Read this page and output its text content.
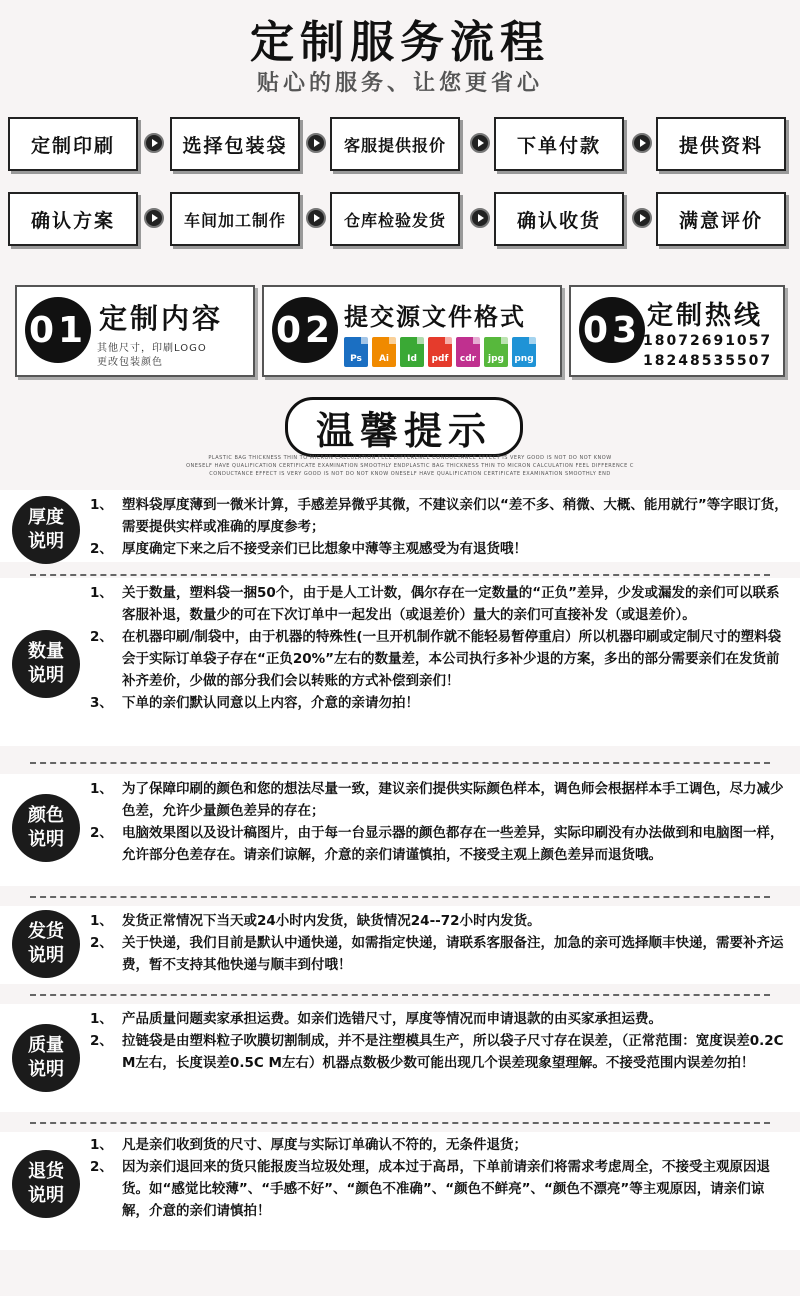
定制服务流程
贴心的服务、让您更省心
定制印刷	选择包装袋	客服提供报价	下单付款	提供资料
确认方案	车间加工制作	仓库检验发货	确认收货	满意评价
01 定制内容
其他尺寸，印刷LOGO
更改包装颜色
02 提交源文件格式
Ps	Ai	Id	pdf	cdr	jpg	png
03 定制热线
18072691057
18248535507
温馨提示
PLASTIC BAG THICKNESS THIN TO MICRON CALCULATION FEEL DIFFERENCE CONDUCTANCE EFFECT IS VERY GOOD IS NOT DO NOT KNOW
ONESELF HAVE QUALIFICATION CERTIFICATE EXAMINATION SMOOTHLY ENDPLASTIC BAG THICKNESS THIN TO MICRON CALCULATION FEEL DIFFERENCE C
CONDUCTANCE EFFECT IS VERY GOOD IS NOT DO NOT KNOW ONESELF HAVE QUALIFICATION CERTIFICATE EXAMINATION SMOOTHLY END
厚度
说明
1、 塑料袋厚度薄到一微米计算，手感差异微乎其微，不建议亲们以“差不多、稍微、大概、能用就行”等字眼订货，需要提供实样或准确的厚度参考；
2、 厚度确定下来之后不接受亲们已比想象中薄等主观感受为有退货哦！
数量
说明
1、 关于数量，塑料袋一捆50个，由于是人工计数，偶尔存在一定数量的“正负”差异，少发或漏发的亲们可以联系客服补退，数量少的可在下次订单中一起发出（或退差价）量大的亲们可直接补发（或退差价）。
2、 在机器印刷/制袋中，由于机器的特殊性(一旦开机制作就不能轻易暂停重启）所以机器印刷或定制尺寸的塑料袋会于实际订单袋子存在“正负20%”左右的数量差，本公司执行多补少退的方案，多出的部分需要亲们在发货前补齐差价，少做的部分我们会以转账的方式补偿到亲们！
3、 下单的亲们默认同意以上内容，介意的亲请勿拍！
颜色
说明
1、 为了保障印刷的颜色和您的想法尽量一致，建议亲们提供实际颜色样本，调色师会根据样本手工调色，尽力减少色差，允许少量颜色差异的存在；
2、 电脑效果图以及设计稿图片，由于每一台显示器的颜色都存在一些差异，实际印刷没有办法做到和电脑图一样，允许部分色差存在。请亲们谅解，介意的亲们请谨慎拍，不接受主观上颜色差异而退货哦。
发货
说明
1、 发货正常情况下当天或24小时内发货，缺货情况24--72小时内发货。
2、 关于快递，我们目前是默认中通快递，如需指定快递，请联系客服备注，加急的亲可选择顺丰快递，需要补齐运费，暂不支持其他快递与顺丰到付哦！
质量
说明
1、 产品质量问题卖家承担运费。如亲们选错尺寸，厚度等情况而申请退款的由买家承担运费。
2、 拉链袋是由塑料粒子吹膜切割制成，并不是注塑模具生产，所以袋子尺寸存在误差，（正常范围：宽度误差0.2C M左右，长度误差0.5C M左右）机器点数极少数可能出现几个误差现象望理解。不接受范围内误差勿拍！
退货
说明
1、 凡是亲们收到货的尺寸、厚度与实际订单确认不符的，无条件退货；
2、 因为亲们退回来的货只能报废当垃圾处理，成本过于高昂，下单前请亲们将需求考虑周全，不接受主观原因退货。如“感觉比较薄”、“手感不好”、“颜色不准确”、“颜色不鲜亮”、“颜色不漂亮”等主观原因，请亲们谅解，介意的亲们请慎拍！
